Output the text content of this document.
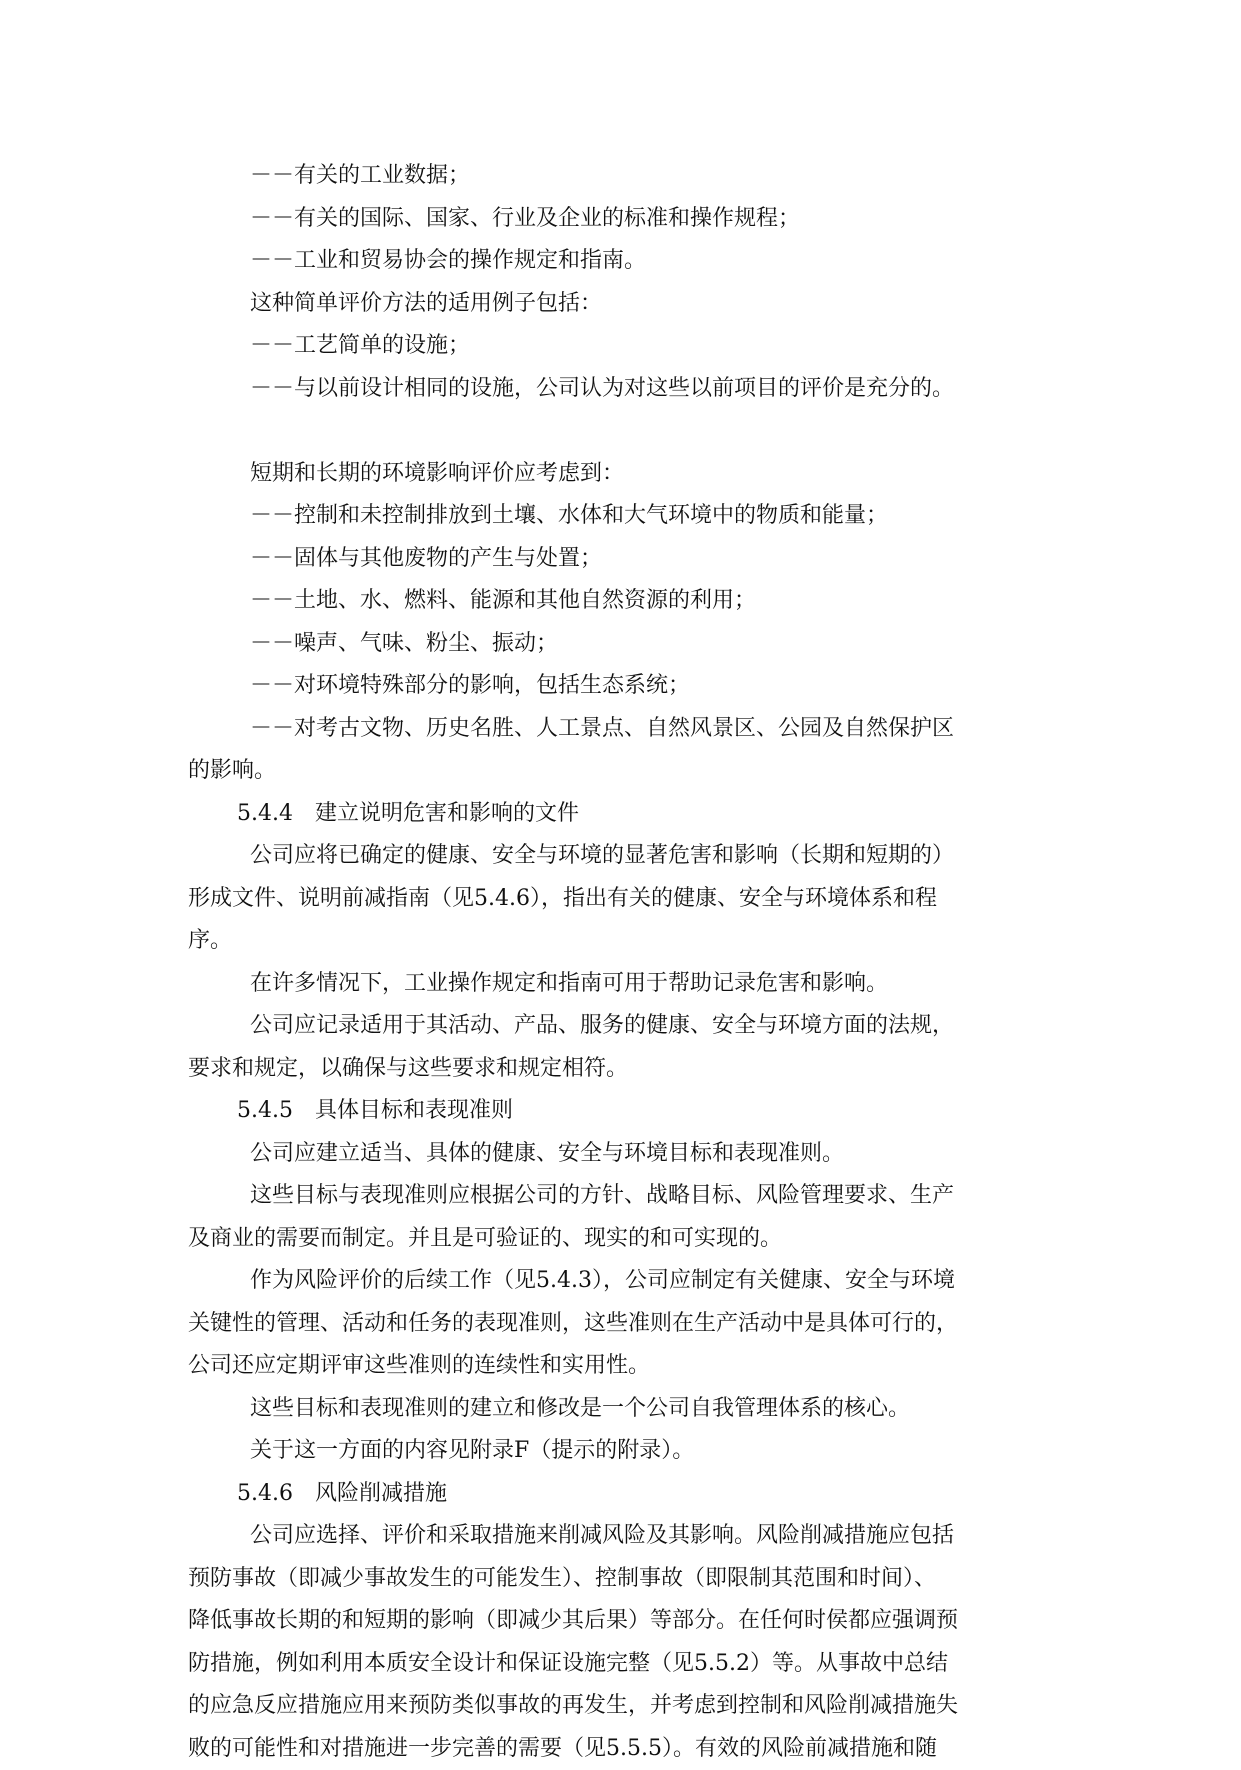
－－有关的工业数据；
－－有关的国际、国家、行业及企业的标准和操作规程；
－－工业和贸易协会的操作规定和指南。
这种简单评价方法的适用例子包括：
－－工艺简单的设施；
－－与以前设计相同的设施，公司认为对这些以前项目的评价是充分的。
短期和长期的环境影响评价应考虑到：
－－控制和未控制排放到土壤、水体和大气环境中的物质和能量；
－－固体与其他废物的产生与处置；
－－土地、水、燃料、能源和其他自然资源的利用；
－－噪声、气味、粉尘、振动；
－－对环境特殊部分的影响，包括生态系统；
－－对考古文物、历史名胜、人工景点、自然风景区、公园及自然保护区
的影响。
5.4.4　建立说明危害和影响的文件
公司应将已确定的健康、安全与环境的显著危害和影响（长期和短期的）
形成文件、说明前减指南（见5.4.6），指出有关的健康、安全与环境体系和程
序。
在许多情况下，工业操作规定和指南可用于帮助记录危害和影响。
公司应记录适用于其活动、产品、服务的健康、安全与环境方面的法规，
要求和规定，以确保与这些要求和规定相符。
5.4.5　具体目标和表现准则
公司应建立适当、具体的健康、安全与环境目标和表现准则。
这些目标与表现准则应根据公司的方针、战略目标、风险管理要求、生产
及商业的需要而制定。并且是可验证的、现实的和可实现的。
作为风险评价的后续工作（见5.4.3），公司应制定有关健康、安全与环境
关键性的管理、活动和任务的表现准则，这些准则在生产活动中是具体可行的，
公司还应定期评审这些准则的连续性和实用性。
这些目标和表现准则的建立和修改是一个公司自我管理体系的核心。
关于这一方面的内容见附录F（提示的附录）。
5.4.6　风险削减措施
公司应选择、评价和采取措施来削减风险及其影响。风险削减措施应包括
预防事故（即减少事故发生的可能发生）、控制事故（即限制其范围和时间）、
降低事故长期的和短期的影响（即减少其后果）等部分。在任何时侯都应强调预
防措施，例如利用本质安全设计和保证设施完整（见5.5.2）等。从事故中总结
的应急反应措施应用来预防类似事故的再发生，并考虑到控制和风险削减措施失
败的可能性和对措施进一步完善的需要（见5.5.5）。有效的风险前减措施和随
